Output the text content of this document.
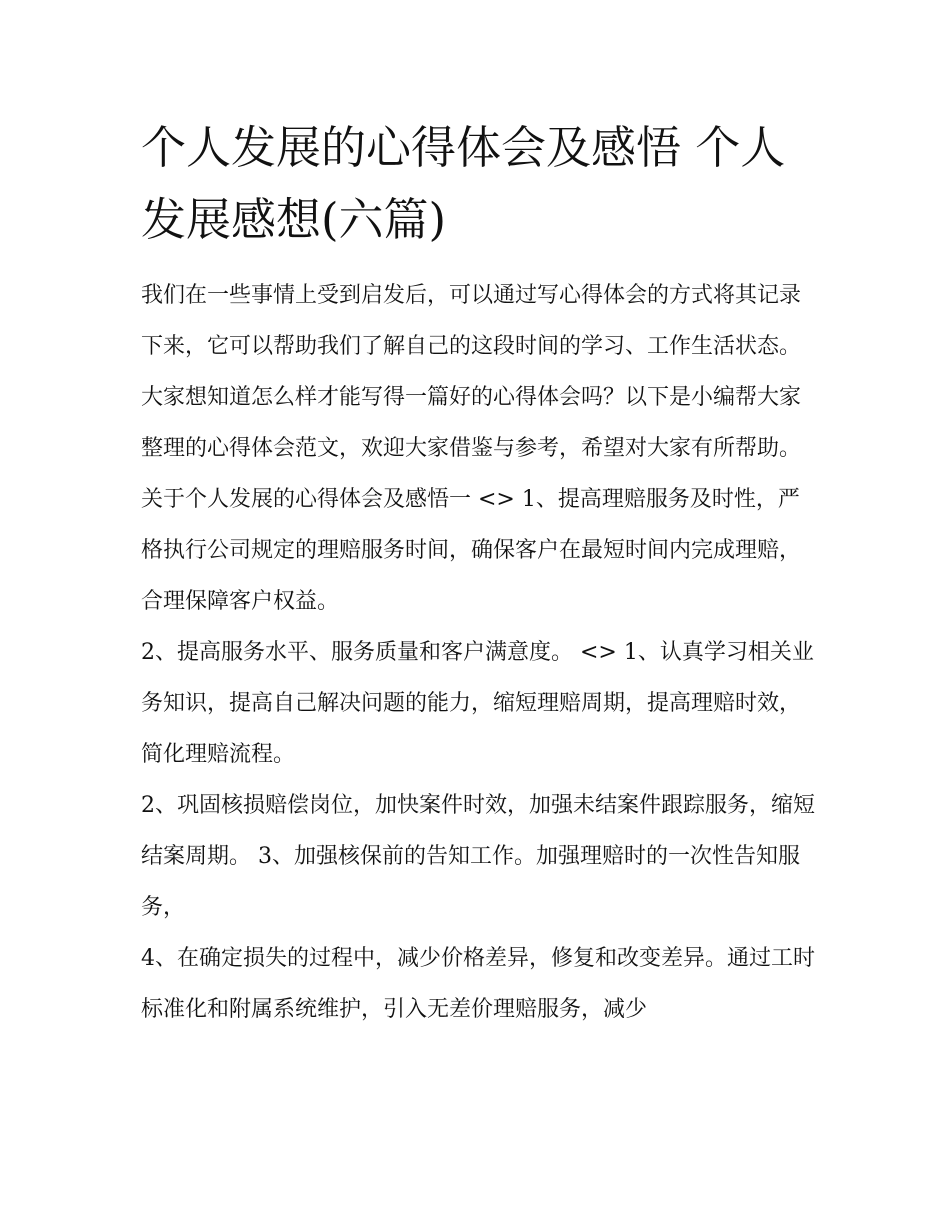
个人发展的心得体会及感悟 个人发展感想(六篇)

我们在一些事情上受到启发后，可以通过写心得体会的方式将其记录下来，它可以帮助我们了解自己的这段时间的学习、工作生活状态。大家想知道怎么样才能写得一篇好的心得体会吗？以下是小编帮大家整理的心得体会范文，欢迎大家借鉴与参考，希望对大家有所帮助。

关于个人发展的心得体会及感悟一 <> 1、提高理赔服务及时性，严格执行公司规定的理赔服务时间，确保客户在最短时间内完成理赔，合理保障客户权益。

2、提高服务水平、服务质量和客户满意度。 <> 1、认真学习相关业务知识，提高自己解决问题的能力，缩短理赔周期，提高理赔时效，简化理赔流程。

2、巩固核损赔偿岗位，加快案件时效，加强未结案件跟踪服务，缩短结案周期。 3、加强核保前的告知工作。加强理赔时的一次性告知服务，

4、在确定损失的过程中，减少价格差异，修复和改变差异。通过工时标准化和附属系统维护，引入无差价理赔服务，减少
